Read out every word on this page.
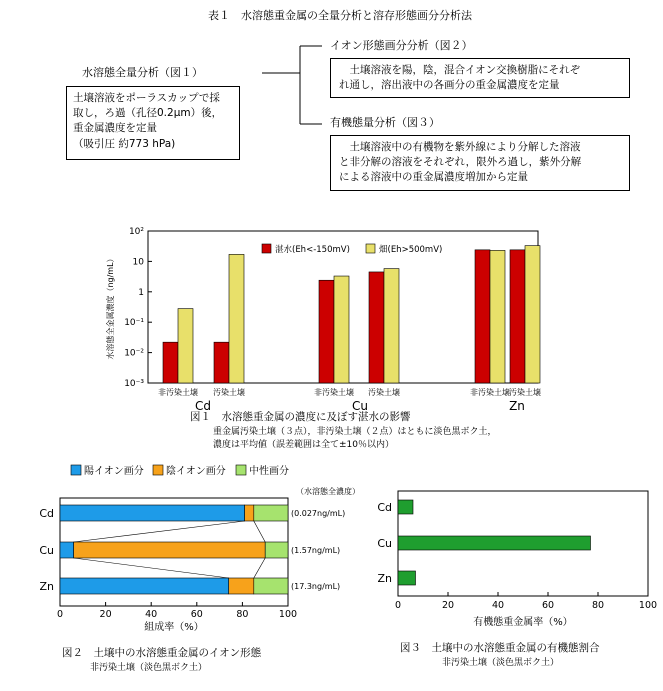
表１　水溶態重金属の全量分析と溶存形態画分分析法
水溶態全量分析（図１）

土壌溶液をポーラスカップで採

取し，ろ過（孔径0.2μm）後，

重金属濃度を定量

（吸引圧 約773 hPa)

イオン形態画分分析（図２）

　土壌溶液を陽，陰，混合イオン交換樹脂にそれぞ

れ通し，溶出液中の各画分の重金属濃度を定量

有機態量分析（図３）

　土壌溶液中の有機物を紫外線により分解した溶液

と非分解の溶液をそれぞれ，限外ろ過し，紫外分解

による溶液中の重金属濃度増加から定量

水溶態全金属濃度（ng/mL）
10²
10
1
10⁻¹
10⁻²
10⁻³
非汚染土壌 汚染土壌	非汚染土壌 汚染土壌	非汚染土壌 汚染土壌
Cd	Cu	Zn
湛水(Eh<-150mV)	畑(Eh>500mV)
図１　水溶態重金属の濃度に及ぼす湛水の影響
重金属汚染土壌（３点），非汚染土壌（２点）はともに淡色黒ボク土，
濃度は平均値（誤差範囲は全て±10％以内）
陽イオン画分 陰イオン画分 中性画分
（水溶態全濃度）
Cd	(0.027ng/mL)
Cu	(1.57ng/mL)
Zn	(17.3ng/mL)
0	20	40	60	80	100
組成率（%）
図２　土壌中の水溶態重金属のイオン形態
非汚染土壌（淡色黒ボク土）
Cd
Cu
Zn
0	20	40	60	80	100
有機態重金属率（%）
図３　土壌中の水溶態重金属の有機態割合
非汚染土壌（淡色黒ボク土）
